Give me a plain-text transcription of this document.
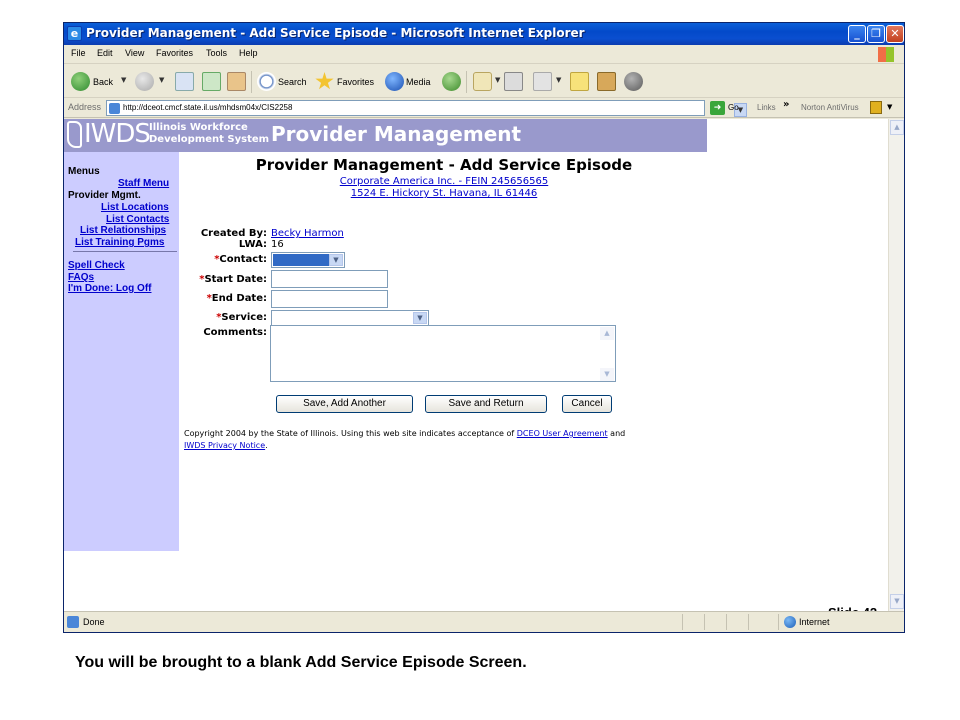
e Provider Management - Add Service Episode - Microsoft Internet Explorer	_	❐ ✕
File Edit View Favorites Tools Help
Back ▼	▼	Search	Favorites	Media	▼	▼
Address	http://dceot.cmcf.state.il.us/mhdsm04x/CIS2258	▼
➜ Go Links » Norton AntiVirus	▼
IWDS Illinois Workforce
Development System Provider Management
Menus
Staff Menu
Provider Mgmt.
List Locations
List Contacts
List Relationships
List Training Pgms
Spell Check
FAQs
I'm Done: Log Off
Provider Management - Add Service Episode
Corporate America Inc. - FEIN 245656565
1524 E. Hickory St. Havana, IL 61446
Created By: Becky Harmon
LWA: 16
*Contact:	▼
*Start Date:
*End Date:
*Service:	▼
Comments:	▲
▼
Save, Add Another	Save and Return	Cancel
Copyright 2004 by the State of Illinois. Using this web site indicates acceptance of DCEO User Agreement and
IWDS Privacy Notice.
▲
▼
Done	Internet
You will be brought to a blank Add Service Episode Screen.
